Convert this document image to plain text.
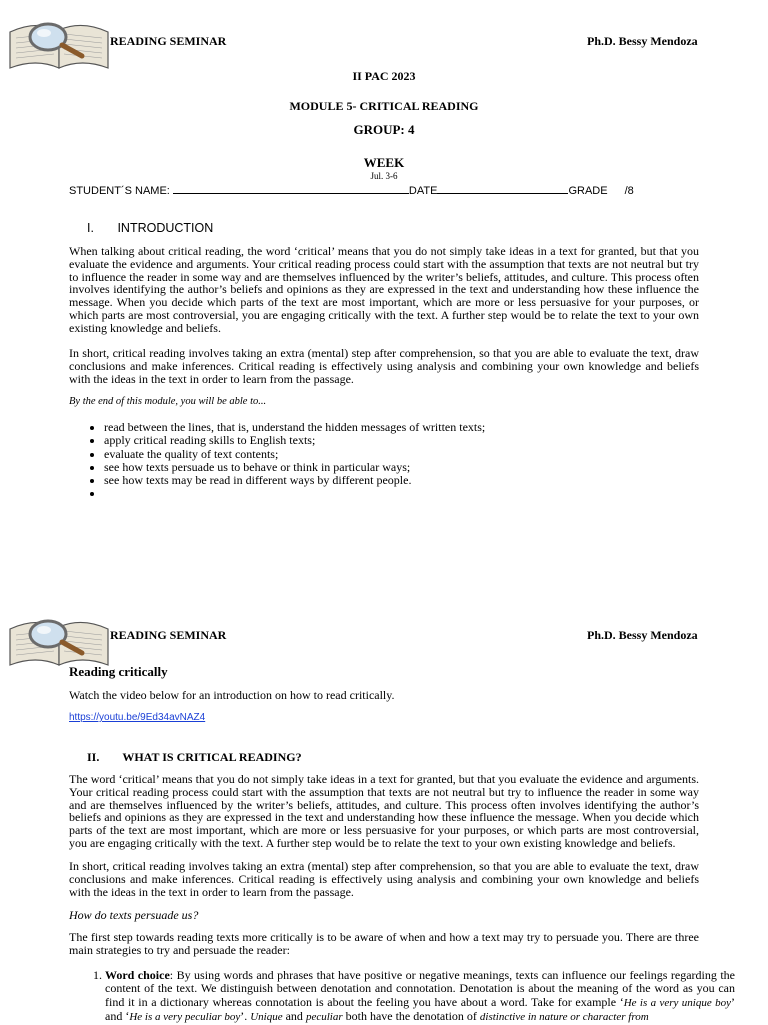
READING SEMINAR	Ph.D. Bessy Mendoza
II PAC 2023
MODULE 5- CRITICAL READING
GROUP: 4
WEEK
Jul. 3-6
STUDENT´S NAME:	DATE	GRADE /8
I. INTRODUCTION

When talking about critical reading, the word ‘critical’ means that you do not simply take ideas in a text for granted, but that you evaluate the evidence and arguments. Your critical reading process could start with the assumption that texts are not neutral but try to influence the reader in some way and are themselves influenced by the writer’s beliefs, attitudes, and culture. This process often involves identifying the author’s beliefs and opinions as they are expressed in the text and understanding how these influence the message. When you decide which parts of the text are most important, which are more or less persuasive for your purposes, or which parts are most controversial, you are engaging critically with the text. A further step would be to relate the text to your own existing knowledge and beliefs.

In short, critical reading involves taking an extra (mental) step after comprehension, so that you are able to evaluate the text, draw conclusions and make inferences. Critical reading is effectively using analysis and combining your own knowledge and beliefs with the ideas in the text in order to learn from the passage.

By the end of this module, you will be able to...
• read between the lines, that is, understand the hidden messages of written texts;
• apply critical reading skills to English texts;
• evaluate the quality of text contents;
• see how texts persuade us to behave or think in particular ways;
• see how texts may be read in different ways by different people.
•
READING SEMINAR	Ph.D. Bessy Mendoza
Reading critically
Watch the video below for an introduction on how to read critically.
https://youtu.be/9Ed34avNAZ4
II. WHAT IS CRITICAL READING?

The word ‘critical’ means that you do not simply take ideas in a text for granted, but that you evaluate the evidence and arguments. Your critical reading process could start with the assumption that texts are not neutral but try to influence the reader in some way and are themselves influenced by the writer’s beliefs, attitudes, and culture. This process often involves identifying the author’s beliefs and opinions as they are expressed in the text and understanding how these influence the message. When you decide which parts of the text are most important, which are more or less persuasive for your purposes, or which parts are most controversial, you are engaging critically with the text. A further step would be to relate the text to your own existing knowledge and beliefs.

In short, critical reading involves taking an extra (mental) step after comprehension, so that you are able to evaluate the text, draw conclusions and make inferences. Critical reading is effectively using analysis and combining your own knowledge and beliefs with the ideas in the text in order to learn from the passage.

How do texts persuade us?

The first step towards reading texts more critically is to be aware of when and how a text may try to persuade you. There are three main strategies to try and persuade the reader:

1. Word choice: By using words and phrases that have positive or negative meanings, texts can influence our feelings regarding the content of the text. We distinguish between denotation and connotation. Denotation is about the meaning of the word as you can find it in a dictionary whereas connotation is about the feeling you have about a word. Take for example ‘He is a very unique boy’ and ‘He is a very peculiar boy’. Unique and peculiar both have the denotation of distinctive in nature or character from
